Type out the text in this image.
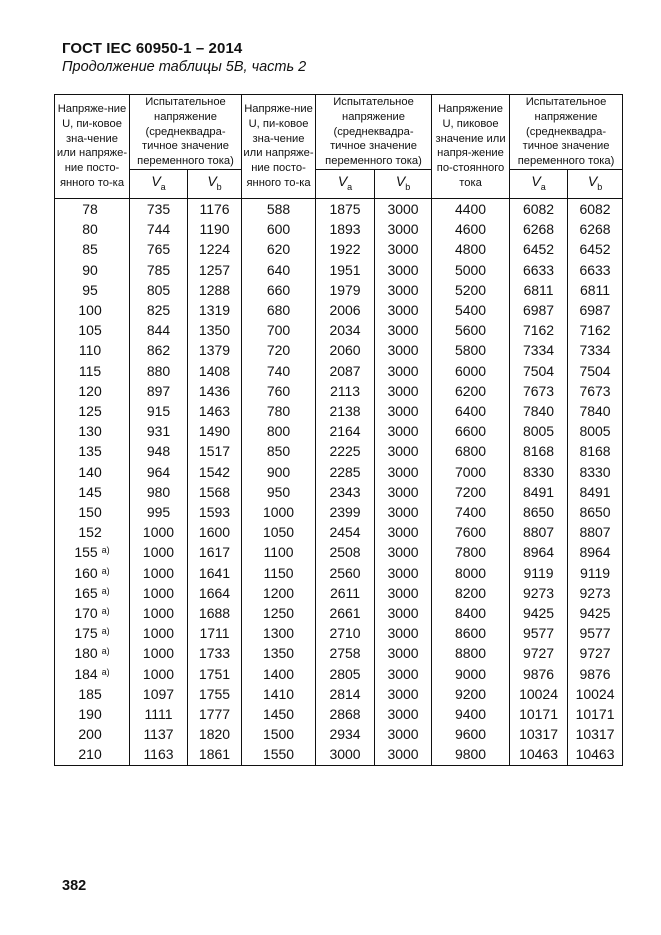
ГОСТ IEC 60950-1 – 2014
Продолжение таблицы 5В, часть 2
Напряже-ние U, пи-ковое зна-чение или напряже-ние посто-янного то-ка	Испытательное напряжение (среднеквадра-тичное значение переменного тока)		Напряже-ние U, пи-ковое зна-чение или напряже-ние посто-янного то-ка	Испытательное напряжение (среднеквадра-тичное значение переменного тока)		Напряжение U, пиковое значение или напря-жение по-стоянного тока	Испытательное напряжение (среднеквадра-тичное значение переменного тока)	
	$V_a$	$V_b$		$V_a$	$V_b$		$V_a$	$V_b$
78	735	1176	588	1875	3000	4400	6082	6082
80	744	1190	600	1893	3000	4600	6268	6268
85	765	1224	620	1922	3000	4800	6452	6452
90	785	1257	640	1951	3000	5000	6633	6633
95	805	1288	660	1979	3000	5200	6811	6811
100	825	1319	680	2006	3000	5400	6987	6987
105	844	1350	700	2034	3000	5600	7162	7162
110	862	1379	720	2060	3000	5800	7334	7334
115	880	1408	740	2087	3000	6000	7504	7504
120	897	1436	760	2113	3000	6200	7673	7673
125	915	1463	780	2138	3000	6400	7840	7840
130	931	1490	800	2164	3000	6600	8005	8005
135	948	1517	850	2225	3000	6800	8168	8168
140	964	1542	900	2285	3000	7000	8330	8330
145	980	1568	950	2343	3000	7200	8491	8491
150	995	1593	1000	2399	3000	7400	8650	8650
152	1000	1600	1050	2454	3000	7600	8807	8807
155 $^{a)}$	1000	1617	1100	2508	3000	7800	8964	8964
160 $^{a)}$	1000	1641	1150	2560	3000	8000	9119	9119
165 $^{a)}$	1000	1664	1200	2611	3000	8200	9273	9273
170 $^{a)}$	1000	1688	1250	2661	3000	8400	9425	9425
175 $^{a)}$	1000	1711	1300	2710	3000	8600	9577	9577
180 $^{a)}$	1000	1733	1350	2758	3000	8800	9727	9727
184 $^{a)}$	1000	1751	1400	2805	3000	9000	9876	9876
185	1097	1755	1410	2814	3000	9200	10024	10024
190	1111	1777	1450	2868	3000	9400	10171	10171
200	1137	1820	1500	2934	3000	9600	10317	10317
210	1163	1861	1550	3000	3000	9800	10463	10463
382
